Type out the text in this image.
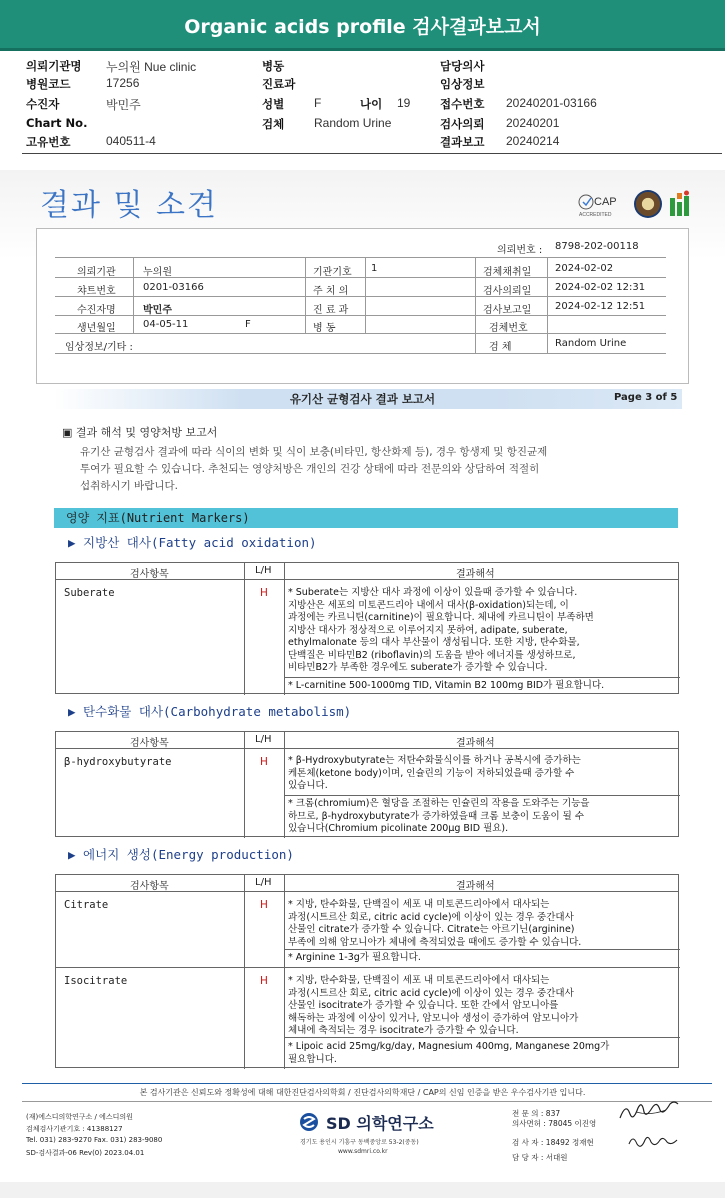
Organic acids profile 검사결과보고서
의뢰기관명 누의원 Nue clinic
병원코드	17256
수진자	박민주
Chart No.
고유번호	040511-4
병동
진료과
성별 F	나이 19
검체 Random Urine
담당의사
임상정보
접수번호 20240201-03166
검사의뢰 20240201
결과보고 20240214
결과 및 소견	CAP
ACCREDITED
의뢰번호 : 8798-202-00118
의뢰기관	누의원	기관기호 1	검체채취일 2024-02-02
챠트번호	0201-03166	주 치 의	검사의뢰일 2024-02-02 12:31
수진자명	박민주	진 료 과	검사보고일 2024-02-12 12:51
생년월일	04-05-11	F	병 동	검체번호
임상정보/기타 :	검 체	Random Urine
유기산 균형검사 결과 보고서	Page 3 of 5
▣ 결과 해석 및 영양처방 보고서
유기산 균형검사 결과에 따라 식이의 변화 및 식이 보충(비타민, 항산화제 등), 경우 항생제 및 항진균제
투여가 필요할 수 있습니다. 추천되는 영양처방은 개인의 건강 상태에 따라 전문의와 상담하여 적절히
섭취하시기 바랍니다.
영양 지표(Nutrient Markers)
▶ 지방산 대사(Fatty acid oxidation)
검사항목	L/H	결과해석
Suberate	H * Suberate는 지방산 대사 과정에 이상이 있을때 증가할 수 있습니다.
지방산은 세포의 미토콘드리아 내에서 대사(β-oxidation)되는데, 이
과정에는 카르니틴(carnitine)이 필요합니다. 체내에 카르니틴이 부족하면
지방산 대사가 정상적으로 이루어지지 못하여, adipate, suberate,
ethylmalonate 등의 대사 부산물이 생성됩니다. 또한 지방, 탄수화물,
단백질은 비타민B2 (riboflavin)의 도움을 받아 에너지를 생성하므로,
비타민B2가 부족한 경우에도 suberate가 증가할 수 있습니다.
* L-carnitine 500-1000mg TID, Vitamin B2 100mg BID가 필요합니다.
▶ 탄수화물 대사(Carbohydrate metabolism)
검사항목	L/H	결과해석
β-hydroxybutyrate	H * β-Hydroxybutyrate는 저탄수화물식이를 하거나 공복시에 증가하는
케톤체(ketone body)이며, 인슐린의 기능이 저하되었을때 증가할 수
있습니다.
* 크롬(chromium)은 혈당을 조절하는 인슐린의 작용을 도와주는 기능을
하므로, β-hydroxybutyrate가 증가하였을때 크롬 보충이 도움이 될 수
있습니다(Chromium picolinate 200μg BID 필요).
▶ 에너지 생성(Energy production)
검사항목	L/H	결과해석
Citrate	H * 지방, 탄수화물, 단백질이 세포 내 미토콘드리아에서 대사되는
과정(시트르산 회로, citric acid cycle)에 이상이 있는 경우 중간대사
산물인 citrate가 증가할 수 있습니다. Citrate는 아르기닌(arginine)
부족에 의해 암모니아가 체내에 축적되었을 때에도 증가할 수 있습니다.
* Arginine 1-3g가 필요합니다.
Isocitrate	H * 지방, 탄수화물, 단백질이 세포 내 미토콘드리아에서 대사되는
과정(시트르산 회로, citric acid cycle)에 이상이 있는 경우 중간대사
산물인 isocitrate가 증가할 수 있습니다. 또한 간에서 암모니아를
해독하는 과정에 이상이 있거나, 암모니아 생성이 증가하여 암모니아가
체내에 축적되는 경우 isocitrate가 증가할 수 있습니다.
* Lipoic acid 25mg/kg/day, Magnesium 400mg, Manganese 20mg가
필요합니다.
본 검사기관은 신뢰도와 정확성에 대해 대한진단검사의학회 / 진단검사의학재단 / CAP의 신임 인증을 받은 우수검사기관 입니다.
(재)에스디의학연구소 / 에스디의원
검체검사기관기호 : 41388127
Tel. 031) 283-9270 Fax. 031) 283-9080
SD-검사결과-06 Rev(0) 2023.04.01
SD 의학연구소
경기도 용인시 기흥구 동백중앙로 53-2(중동)
www.sdmri.co.kr
전 문 의 : 837
의사면허 : 78045 이진영
검 사 자 : 18492 정재현
담 당 자 : 서대원
